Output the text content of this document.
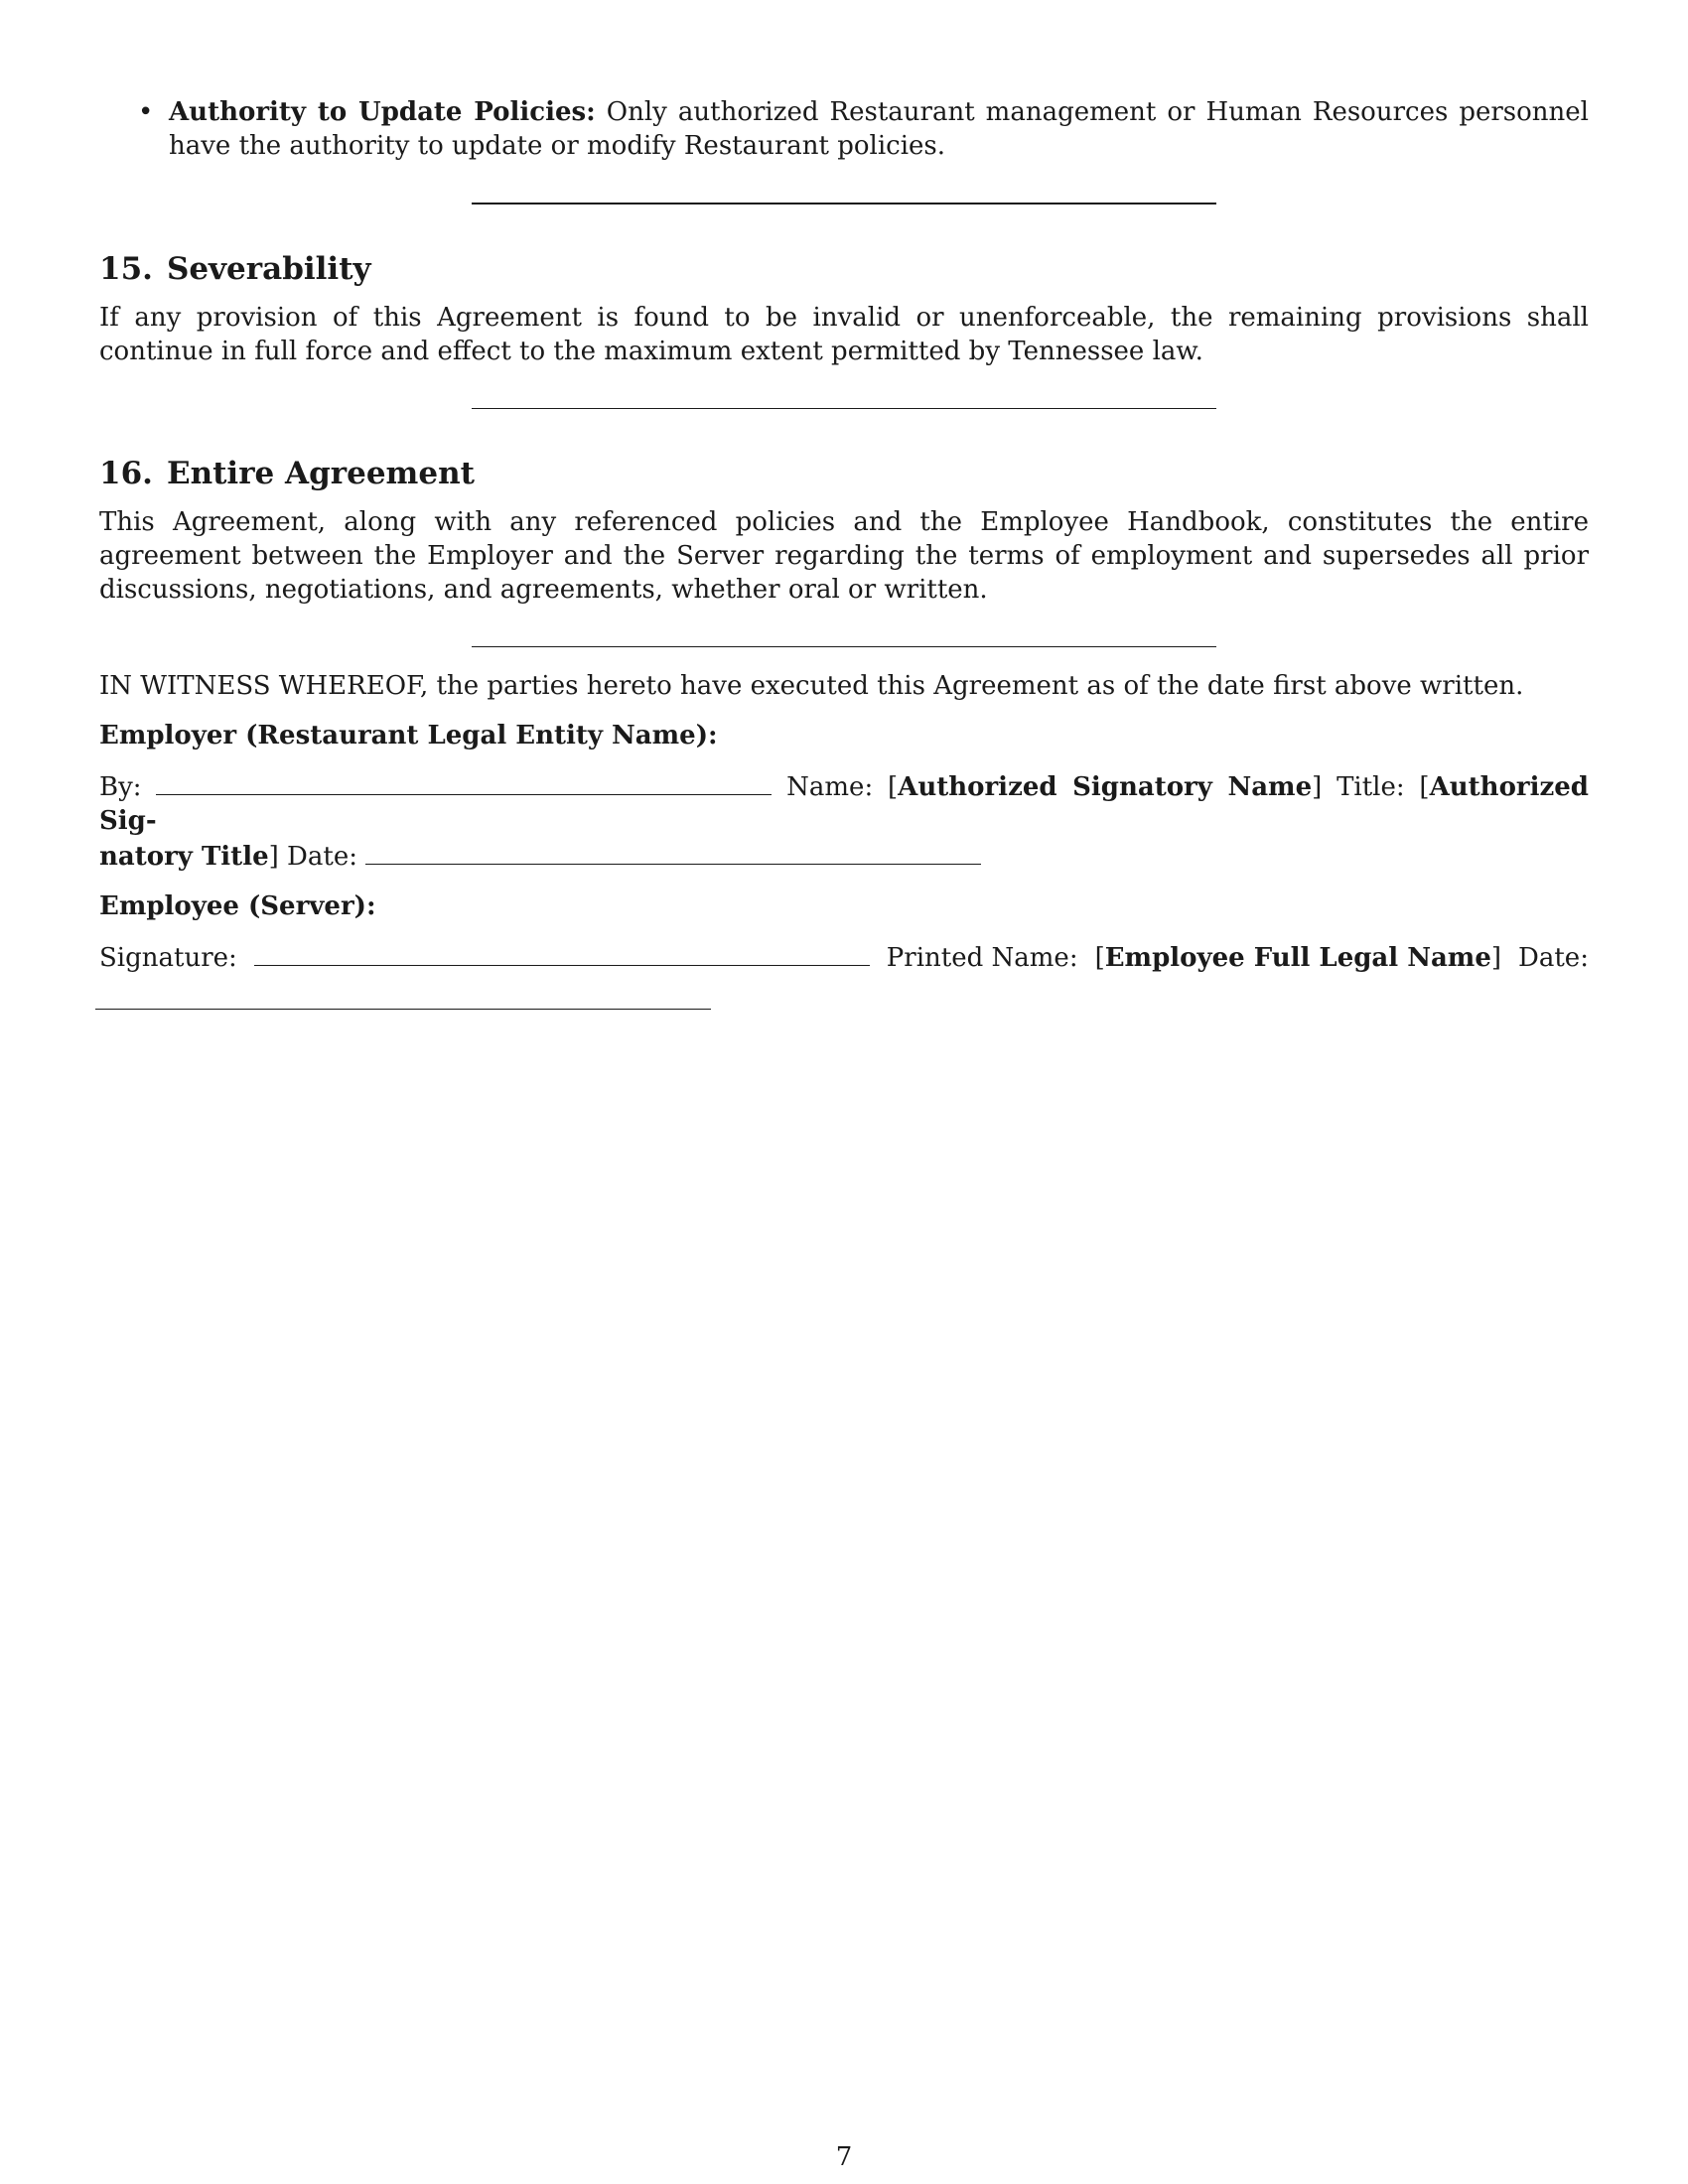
• Authority to Update Policies: Only authorized Restaurant management or Human Resources personnel have the authority to update or modify Restaurant policies.
15. Severability

If any provision of this Agreement is found to be invalid or unenforceable, the remaining provisions shall continue in full force and effect to the maximum extent permitted by Tennessee law.

16. Entire Agreement

This Agreement, along with any referenced policies and the Employee Handbook, constitutes the entire agreement between the Employer and the Server regarding the terms of employment and supersedes all prior discussions, negotiations, and agreements, whether oral or written.

IN WITNESS WHEREOF, the parties hereto have executed this Agreement as of the date first above written.

Employer (Restaurant Legal Entity Name):
By:	Name: [Authorized Signatory Name] Title: [Authorized Sig-
natory Title] Date:
Employee (Server):
Signature:	Printed Name: [Employee Full Legal Name] Date:
7
